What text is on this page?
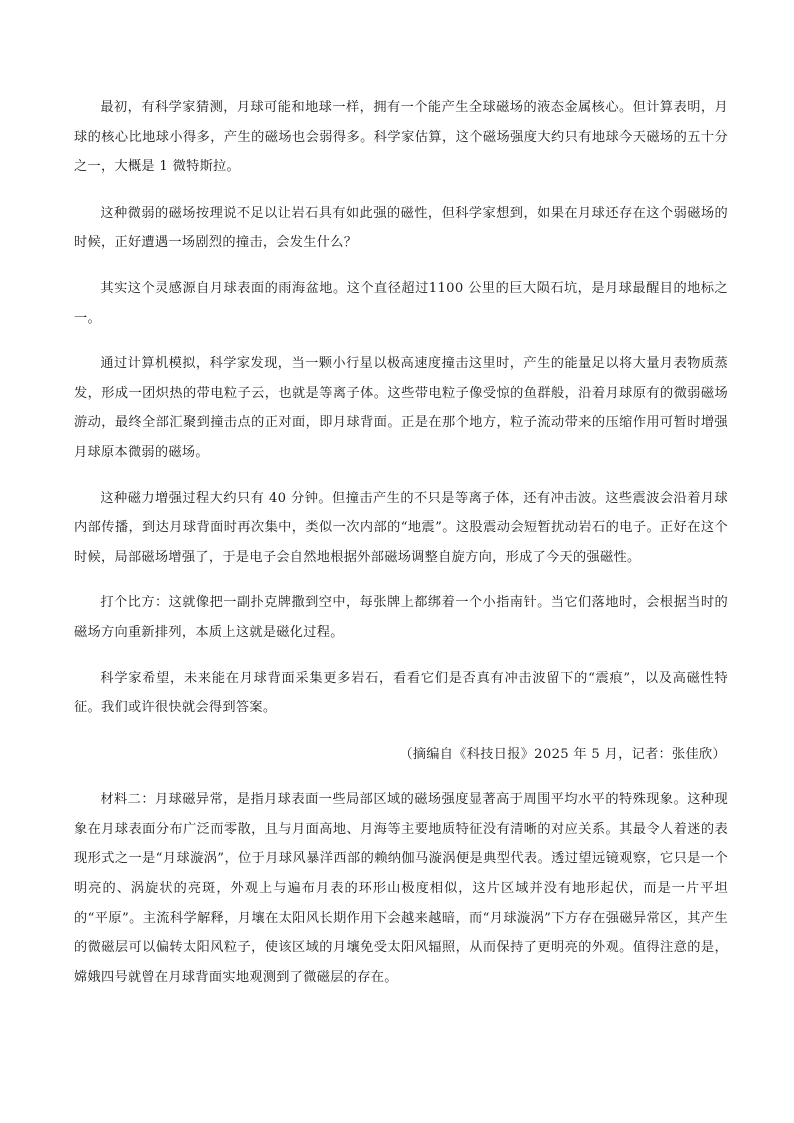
最初，有科学家猜测，月球可能和地球一样，拥有一个能产生全球磁场的液态金属核心。但计算表明，月球的核心比地球小得多，产生的磁场也会弱得多。科学家估算，这个磁场强度大约只有地球今天磁场的五十分之一，大概是 1 微特斯拉。

这种微弱的磁场按理说不足以让岩石具有如此强的磁性，但科学家想到，如果在月球还存在这个弱磁场的时候，正好遭遇一场剧烈的撞击，会发生什么？

其实这个灵感源自月球表面的雨海盆地。这个直径超过1100 公里的巨大陨石坑，是月球最醒目的地标之一。

通过计算机模拟，科学家发现，当一颗小行星以极高速度撞击这里时，产生的能量足以将大量月表物质蒸发，形成一团炽热的带电粒子云，也就是等离子体。这些带电粒子像受惊的鱼群般，沿着月球原有的微弱磁场游动，最终全部汇聚到撞击点的正对面，即月球背面。正是在那个地方，粒子流动带来的压缩作用可暂时增强月球原本微弱的磁场。

这种磁力增强过程大约只有 40 分钟。但撞击产生的不只是等离子体，还有冲击波。这些震波会沿着月球内部传播，到达月球背面时再次集中，类似一次内部的“地震”。这股震动会短暂扰动岩石的电子。正好在这个时候，局部磁场增强了，于是电子会自然地根据外部磁场调整自旋方向，形成了今天的强磁性。

打个比方：这就像把一副扑克牌撒到空中，每张牌上都绑着一个小指南针。当它们落地时，会根据当时的磁场方向重新排列，本质上这就是磁化过程。

科学家希望，未来能在月球背面采集更多岩石，看看它们是否真有冲击波留下的“震痕”，以及高磁性特征。我们或许很快就会得到答案。

（摘编自《科技日报》2025 年 5 月，记者：张佳欣）

材料二：月球磁异常，是指月球表面一些局部区域的磁场强度显著高于周围平均水平的特殊现象。这种现象在月球表面分布广泛而零散，且与月面高地、月海等主要地质特征没有清晰的对应关系。其最令人着迷的表现形式之一是“月球漩涡”，位于月球风暴洋西部的赖纳伽马漩涡便是典型代表。透过望远镜观察，它只是一个明亮的、涡旋状的亮斑，外观上与遍布月表的环形山极度相似，这片区域并没有地形起伏，而是一片平坦的“平原”。主流科学解释，月壤在太阳风长期作用下会越来越暗，而“月球漩涡”下方存在强磁异常区，其产生的微磁层可以偏转太阳风粒子，使该区域的月壤免受太阳风辐照，从而保持了更明亮的外观。值得注意的是，嫦娥四号就曾在月球背面实地观测到了微磁层的存在。
